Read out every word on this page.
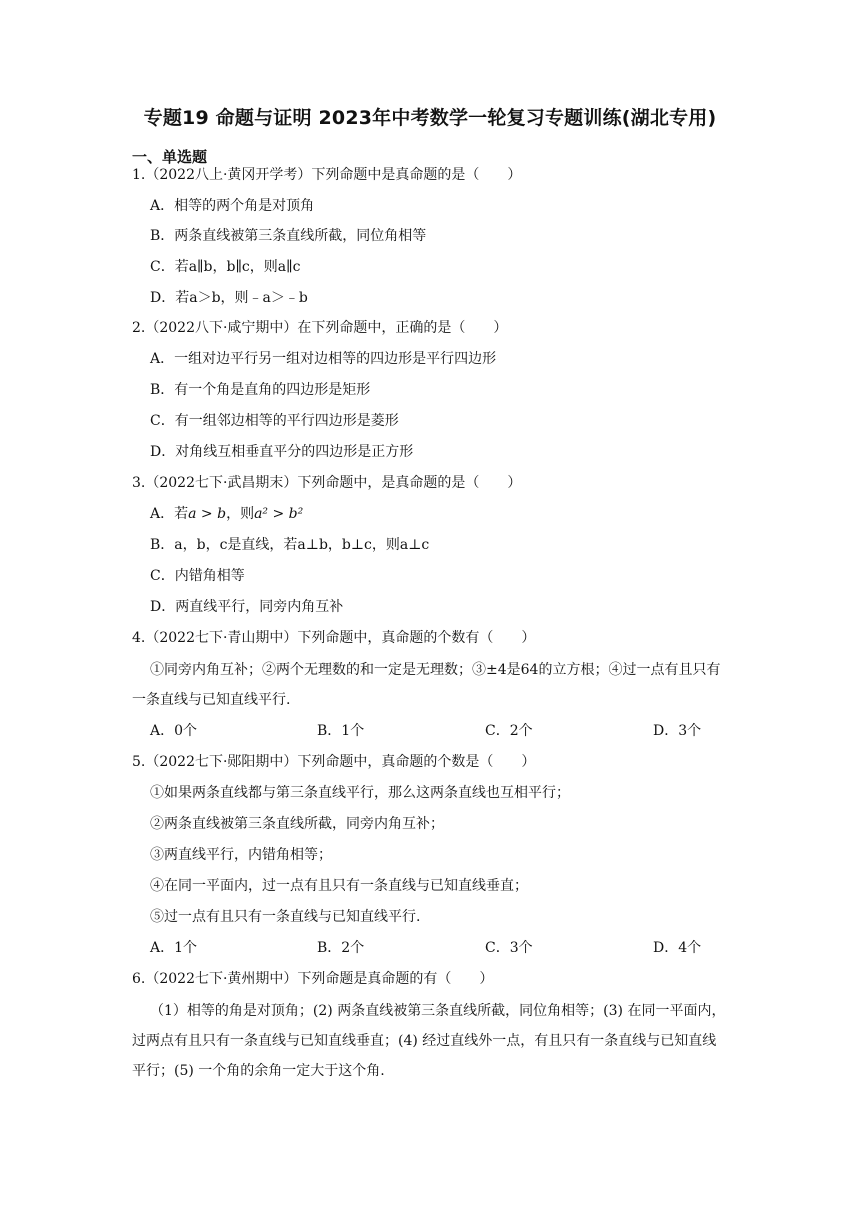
专题19 命题与证明 2023年中考数学一轮复习专题训练(湖北专用)
一、单选题
1.（2022八上·黄冈开学考）下列命题中是真命题的是（　　）
A．相等的两个角是对顶角
B．两条直线被第三条直线所截，同位角相等
C．若a∥b，b∥c，则a∥c
D．若a＞b，则﹣a＞﹣b
2.（2022八下·咸宁期中）在下列命题中，正确的是（　　）
A．一组对边平行另一组对边相等的四边形是平行四边形
B．有一个角是直角的四边形是矩形
C．有一组邻边相等的平行四边形是菱形
D．对角线互相垂直平分的四边形是正方形
3.（2022七下·武昌期末）下列命题中，是真命题的是（　　）
A．若a > b，则a² > b²
B．a，b，c是直线，若a⊥b，b⊥c，则a⊥c
C．内错角相等
D．两直线平行，同旁内角互补
4.（2022七下·青山期中）下列命题中，真命题的个数有（　　）
①同旁内角互补；②两个无理数的和一定是无理数；③±4是64的立方根；④过一点有且只有一条直线与已知直线平行.
A．0个	B．1个	C．2个	D．3个
5.（2022七下·郧阳期中）下列命题中，真命题的个数是（　　）
①如果两条直线都与第三条直线平行，那么这两条直线也互相平行；
②两条直线被第三条直线所截，同旁内角互补；
③两直线平行，内错角相等；
④在同一平面内，过一点有且只有一条直线与已知直线垂直；
⑤过一点有且只有一条直线与已知直线平行.
A．1个	B．2个	C．3个	D．4个
6.（2022七下·黄州期中）下列命题是真命题的有（　　）
（1）相等的角是对顶角；(2) 两条直线被第三条直线所截，同位角相等；(3) 在同一平面内，过两点有且只有一条直线与已知直线垂直；(4) 经过直线外一点，有且只有一条直线与已知直线平行；(5) 一个角的余角一定大于这个角.
